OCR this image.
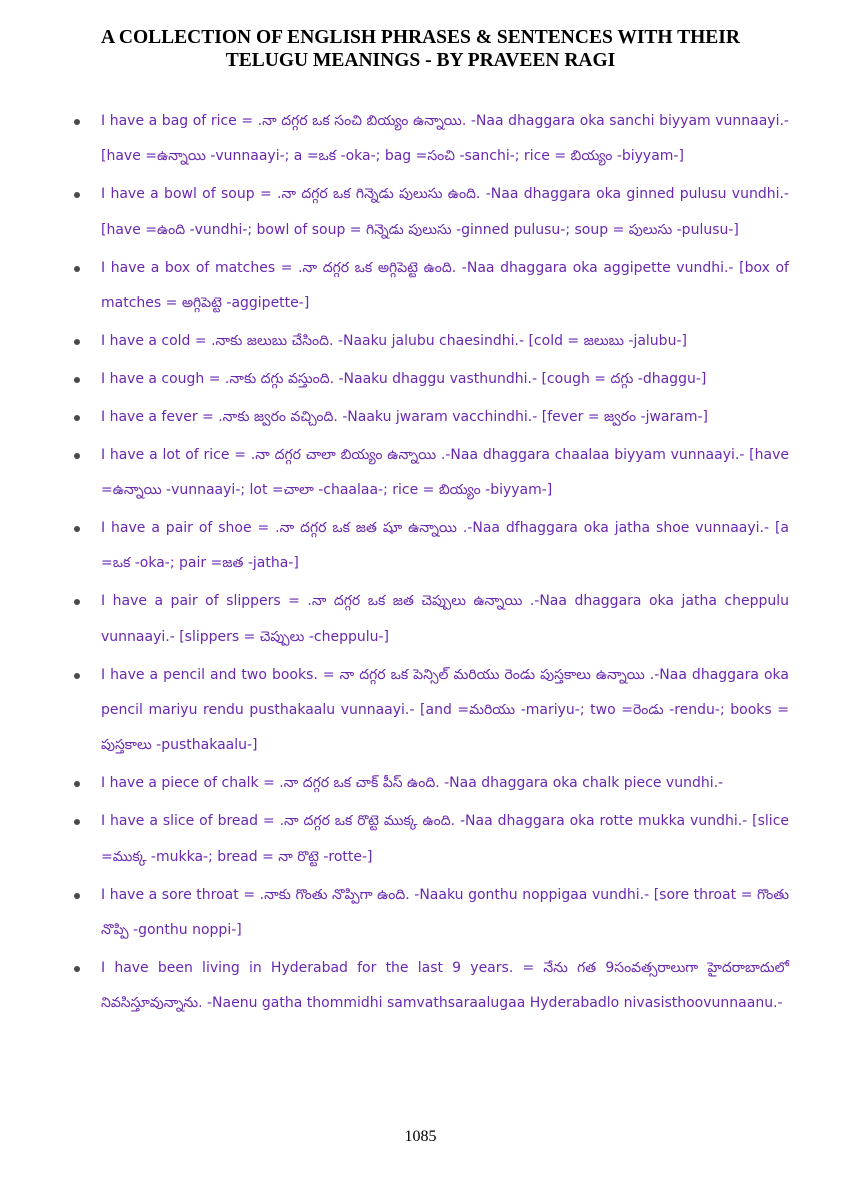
A COLLECTION OF ENGLISH PHRASES & SENTENCES WITH THEIR
TELUGU MEANINGS - BY PRAVEEN RAGI
I have a bag of rice = .నా దగ్గర ఒక సంచి బియ్యం ఉన్నాయి. -Naa dhaggara oka sanchi biyyam vunnaayi.- [have =ఉన్నాయి -vunnaayi-; a =ఒక -oka-; bag =సంచి -sanchi-; rice = బియ్యం -biyyam-]
I have a bowl of soup = .నా దగ్గర ఒక గిన్నెడు పులుసు ఉంది. -Naa dhaggara oka ginned pulusu vundhi.- [have =ఉంది -vundhi-; bowl of soup = గిన్నెడు పులుసు -ginned pulusu-; soup = పులుసు -pulusu-]
I have a box of matches = .నా దగ్గర ఒక అగ్గిపెట్టె ఉంది. -Naa dhaggara oka aggipette vundhi.- [box of matches = అగ్గిపెట్టె -aggipette-]
I have a cold = .నాకు జలుబు చేసింది. -Naaku jalubu chaesindhi.- [cold = జలుబు -jalubu-]
I have a cough = .నాకు దగ్గు వస్తుంది. -Naaku dhaggu vasthundhi.- [cough = దగ్గు -dhaggu-]
I have a fever = .నాకు జ్వరం వచ్చింది. -Naaku jwaram vacchindhi.- [fever = జ్వరం -jwaram-]
I have a lot of rice = .నా దగ్గర చాలా బియ్యం ఉన్నాయి .-Naa dhaggara chaalaa biyyam vunnaayi.- [have =ఉన్నాయి -vunnaayi-; lot =చాలా -chaalaa-; rice = బియ్యం -biyyam-]
I have a pair of shoe = .నా దగ్గర ఒక జత షూ ఉన్నాయి .-Naa dfhaggara oka jatha shoe vunnaayi.- [a =ఒక -oka-; pair =జత -jatha-]
I have a pair of slippers = .నా దగ్గర ఒక జత చెప్పులు ఉన్నాయి .-Naa dhaggara oka jatha cheppulu vunnaayi.- [slippers = చెప్పులు -cheppulu-]
I have a pencil and two books. = నా దగ్గర ఒక పెన్సిల్ మరియు రెండు పుస్తకాలు ఉన్నాయి .-Naa dhaggara oka pencil mariyu rendu pusthakaalu vunnaayi.- [and =మరియు -mariyu-; two =రెండు -rendu-; books = పుస్తకాలు -pusthakaalu-]
I have a piece of chalk = .నా దగ్గర ఒక చాక్ పీస్ ఉంది. -Naa dhaggara oka chalk piece vundhi.-
I have a slice of bread = .నా దగ్గర ఒక రొట్టె ముక్క ఉంది. -Naa dhaggara oka rotte mukka vundhi.- [slice =ముక్క -mukka-; bread = నా రొట్టె -rotte-]
I have a sore throat = .నాకు గొంతు నొప్పిగా ఉంది. -Naaku gonthu noppigaa vundhi.- [sore throat = గొంతు నొప్పి -gonthu noppi-]
I have been living in Hyderabad for the last 9 years. = నేను గత 9సంవత్సరాలుగా హైదరాబాదులో నివసిస్తూవున్నాను. -Naenu gatha thommidhi samvathsaraalugaa Hyderabadlo nivasisthoovunnaanu.-
1085
